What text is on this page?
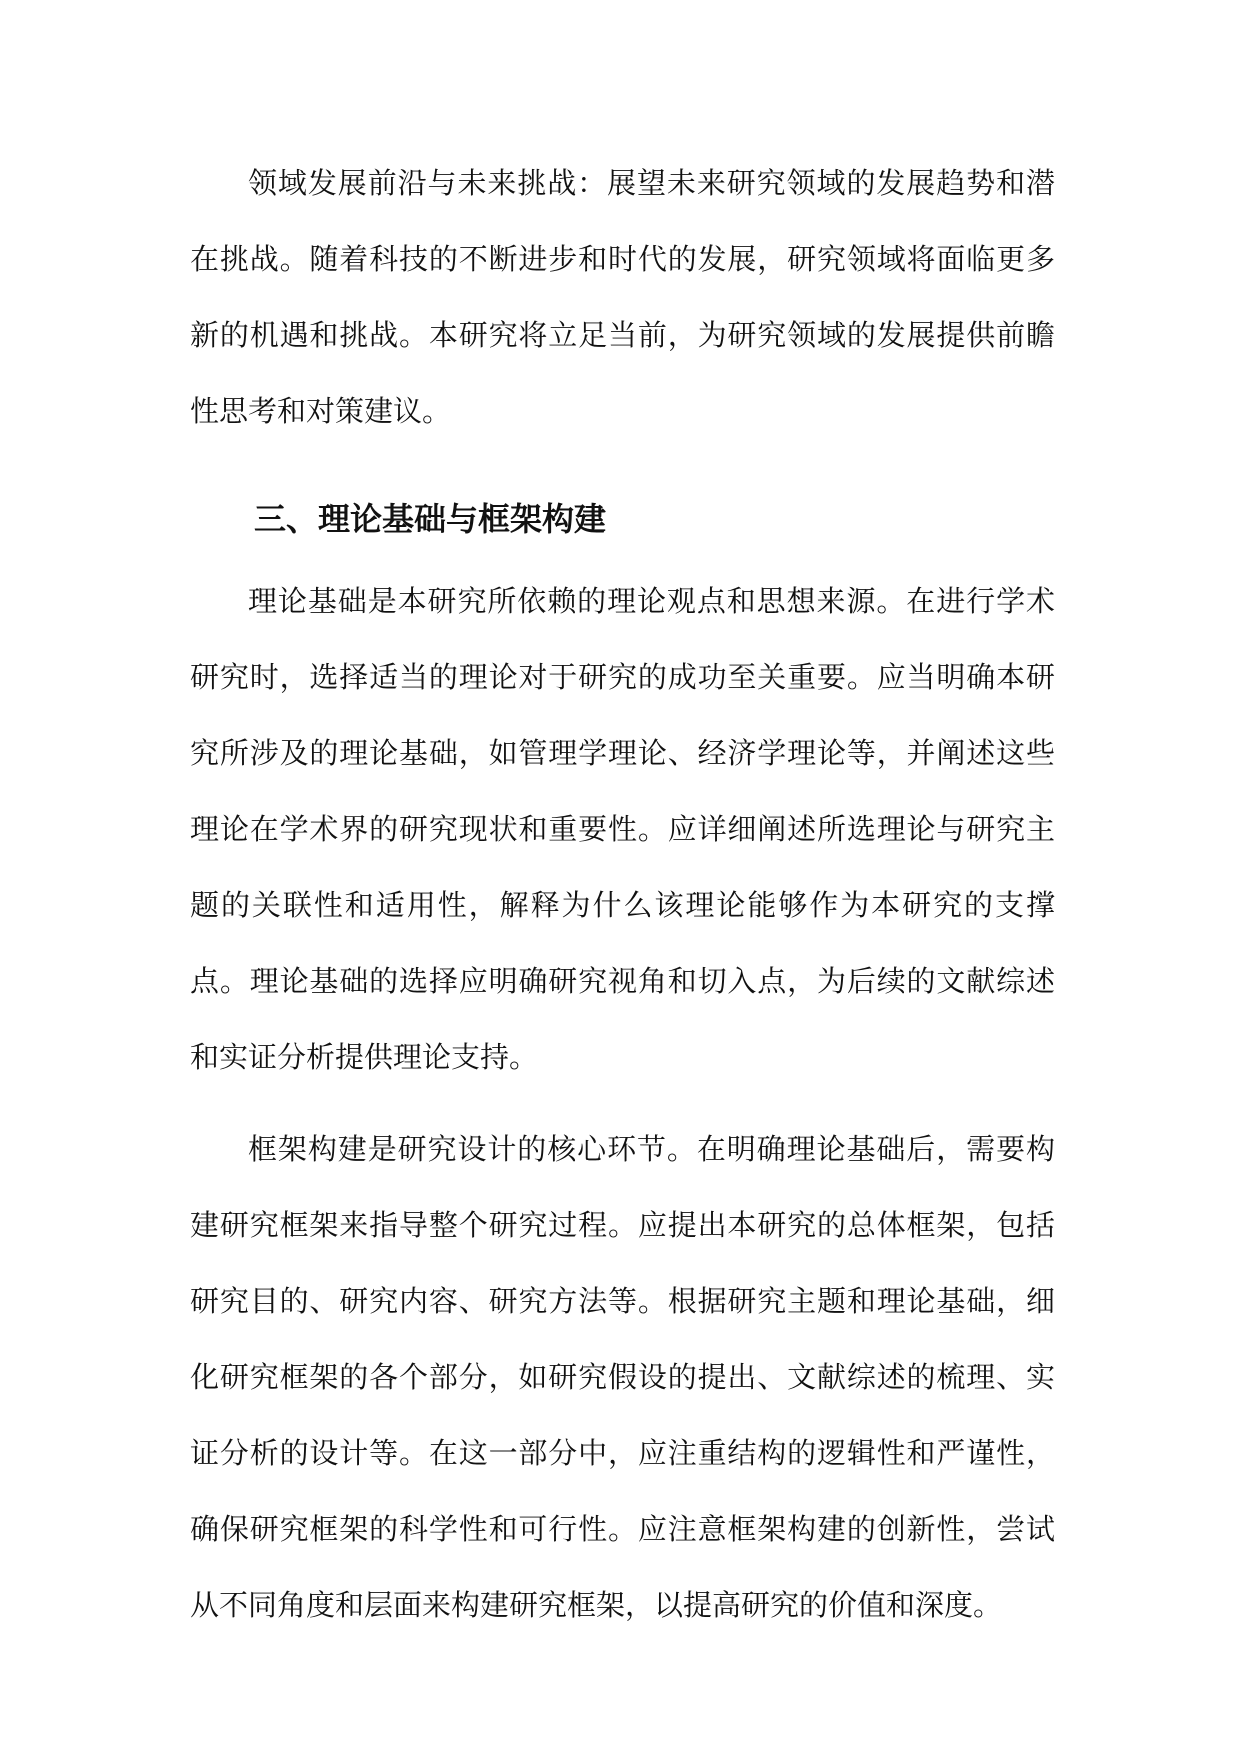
领域发展前沿与未来挑战：展望未来研究领域的发展趋势和潜在挑战。随着科技的不断进步和时代的发展，研究领域将面临更多新的机遇和挑战。本研究将立足当前，为研究领域的发展提供前瞻性思考和对策建议。

三、理论基础与框架构建

理论基础是本研究所依赖的理论观点和思想来源。在进行学术研究时，选择适当的理论对于研究的成功至关重要。应当明确本研究所涉及的理论基础，如管理学理论、经济学理论等，并阐述这些理论在学术界的研究现状和重要性。应详细阐述所选理论与研究主题的关联性和适用性，解释为什么该理论能够作为本研究的支撑点。理论基础的选择应明确研究视角和切入点，为后续的文献综述和实证分析提供理论支持。

框架构建是研究设计的核心环节。在明确理论基础后，需要构建研究框架来指导整个研究过程。应提出本研究的总体框架，包括研究目的、研究内容、研究方法等。根据研究主题和理论基础，细化研究框架的各个部分，如研究假设的提出、文献综述的梳理、实证分析的设计等。在这一部分中，应注重结构的逻辑性和严谨性，确保研究框架的科学性和可行性。应注意框架构建的创新性，尝试从不同角度和层面来构建研究框架，以提高研究的价值和深度。
